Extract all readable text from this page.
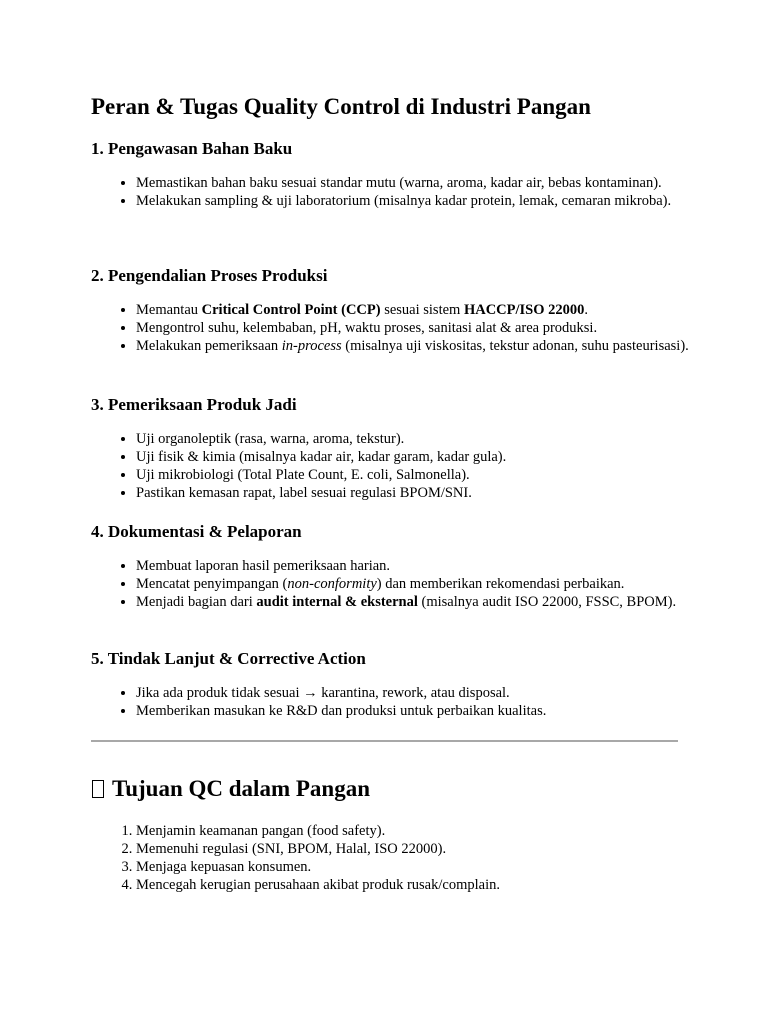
Peran & Tugas Quality Control di Industri Pangan
1. Pengawasan Bahan Baku
• Memastikan bahan baku sesuai standar mutu (warna, aroma, kadar air, bebas kontaminan).
• Melakukan sampling & uji laboratorium (misalnya kadar protein, lemak, cemaran mikroba).
2. Pengendalian Proses Produksi
• Memantau Critical Control Point (CCP) sesuai sistem HACCP/ISO 22000.
• Mengontrol suhu, kelembaban, pH, waktu proses, sanitasi alat & area produksi.
• Melakukan pemeriksaan in-process (misalnya uji viskositas, tekstur adonan, suhu pasteurisasi).
3. Pemeriksaan Produk Jadi
• Uji organoleptik (rasa, warna, aroma, tekstur).
• Uji fisik & kimia (misalnya kadar air, kadar garam, kadar gula).
• Uji mikrobiologi (Total Plate Count, E. coli, Salmonella).
• Pastikan kemasan rapat, label sesuai regulasi BPOM/SNI.
4. Dokumentasi & Pelaporan
• Membuat laporan hasil pemeriksaan harian.
• Mencatat penyimpangan (non-conformity) dan memberikan rekomendasi perbaikan.
• Menjadi bagian dari audit internal & eksternal (misalnya audit ISO 22000, FSSC, BPOM).
5. Tindak Lanjut & Corrective Action
• Jika ada produk tidak sesuai → karantina, rework, atau disposal.
• Memberikan masukan ke R&D dan produksi untuk perbaikan kualitas.
Tujuan QC dalam Pangan
1. Menjamin keamanan pangan (food safety).
2. Memenuhi regulasi (SNI, BPOM, Halal, ISO 22000).
3. Menjaga kepuasan konsumen.
4. Mencegah kerugian perusahaan akibat produk rusak/complain.
